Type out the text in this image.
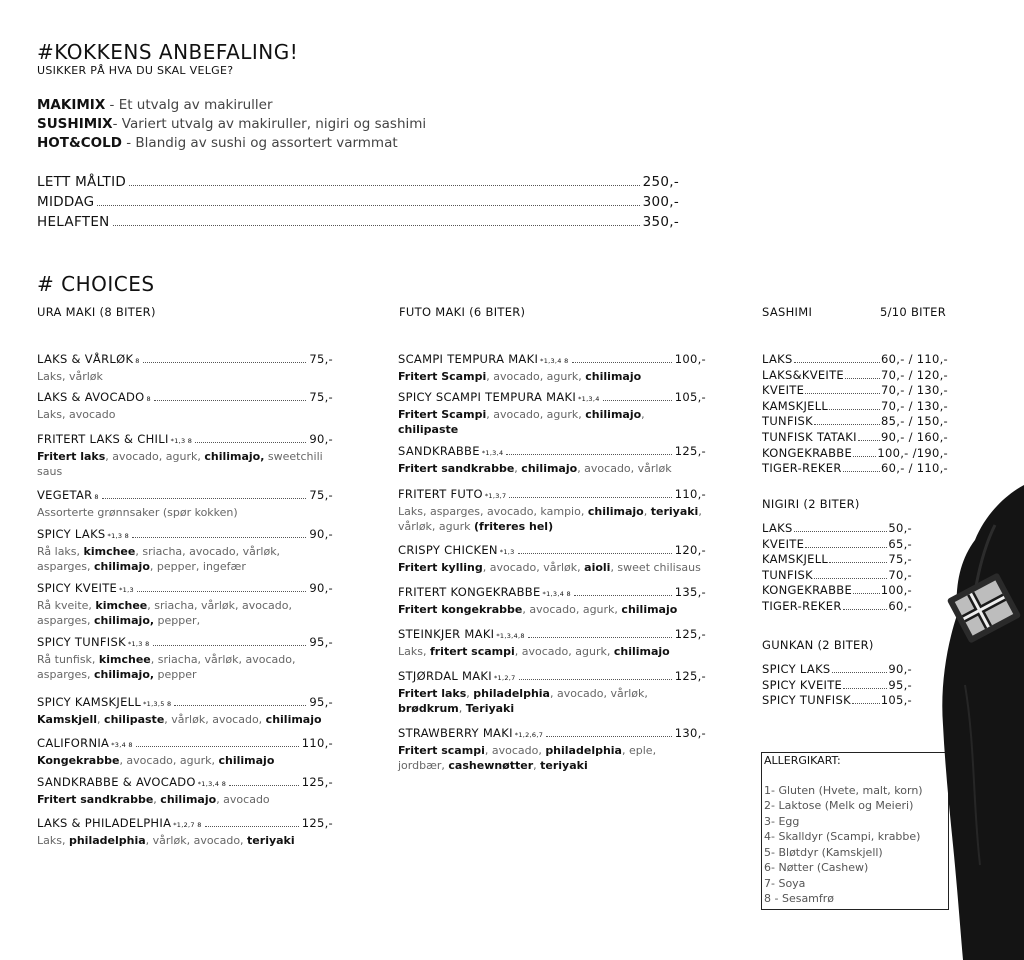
#KOKKENS ANBEFALING!
USIKKER PÅ HVA DU SKAL VELGE?
MAKIMIX - Et utvalg av makiruller
SUSHIMIX- Variert utvalg av makiruller, nigiri og sashimi
HOT&COLD - Blandig av sushi og assortert varmmat
LETT MÅLTID	250,-
MIDDAG	300,-
HELAFTEN	350,-
# CHOICES
URA MAKI (8 BITER)
LAKS & VÅRLØK 8	75,-
Laks, vårløk
LAKS & AVOCADO 8	75,-
Laks, avocado
FRITERT LAKS & CHILI *1,3 8	90,-
Fritert laks, avocado, agurk, chilimajo, sweetchili saus
VEGETAR 8	75,-
Assorterte grønnsaker (spør kokken)
SPICY LAKS *1,3 8	90,-
Rå laks, kimchee, sriacha, avocado, vårløk, asparges, chilimajo, pepper, ingefær
SPICY KVEITE *1,3	90,-
Rå kveite, kimchee, sriacha, vårløk, avocado, asparges, chilimajo, pepper,
SPICY TUNFISK *1,3 8	95,-
Rå tunfisk, kimchee, sriacha, vårløk, avocado, asparges, chilimajo, pepper
SPICY KAMSKJELL *1,3,5 8	95,-
Kamskjell, chilipaste, vårløk, avocado, chilimajo
CALIFORNIA *3,4 8	110,-
Kongekrabbe, avocado, agurk, chilimajo
SANDKRABBE & AVOCADO *1,3,4 8	125,-
Fritert sandkrabbe, chilimajo, avocado
LAKS & PHILADELPHIA *1,2,7 8	125,-
Laks, philadelphia, vårløk, avocado, teriyaki
FUTO MAKI (6 BITER)
SCAMPI TEMPURA MAKI *1,3,4 8	100,-
Fritert Scampi, avocado, agurk, chilimajo
SPICY SCAMPI TEMPURA MAKI *1,3,4	105,-
Fritert Scampi, avocado, agurk, chilimajo, chilipaste
SANDKRABBE *1,3,4	125,-
Fritert sandkrabbe, chilimajo, avocado, vårløk
FRITERT FUTO *1,3,7	110,-
Laks, asparges, avocado, kampio, chilimajo, teriyaki, vårløk, agurk (friteres hel)
CRISPY CHICKEN *1,3	120,-
Fritert kylling, avocado, vårløk, aioli, sweet chilisaus
FRITERT KONGEKRABBE *1,3,4 8	135,-
Fritert kongekrabbe, avocado, agurk, chilimajo
STEINKJER MAKI *1,3,4,8	125,-
Laks, fritert scampi, avocado, agurk, chilimajo
STJØRDAL MAKI *1,2,7	125,-
Fritert laks, philadelphia, avocado, vårløk, brødkrum, Teriyaki
STRAWBERRY MAKI *1,2,6,7	130,-
Fritert scampi, avocado, philadelphia, eple, jordbær, cashewnøtter, teriyaki
SASHIMI	5/10 BITER
LAKS	60,- / 110,-
LAKS&KVEITE	70,- / 120,-
KVEITE	70,- / 130,-
KAMSKJELL	70,- / 130,-
TUNFISK	85,- / 150,-
TUNFISK TATAKI 90,- / 160,-
KONGEKRABBE 100,- /190,-
TIGER-REKER	60,- / 110,-
NIGIRI (2 BITER)
LAKS	50,-
KVEITE	65,-
KAMSKJELL	75,-
TUNFISK	70,-
KONGEKRABBE 100,-
TIGER-REKER	60,-
GUNKAN (2 BITER)
SPICY LAKS	90,-
SPICY KVEITE	95,-
SPICY TUNFISK	105,-
ALLERGIKART:
1- Gluten (Hvete, malt, korn)
2- Laktose (Melk og Meieri)
3- Egg
4- Skalldyr (Scampi, krabbe)
5- Bløtdyr (Kamskjell)
6- Nøtter (Cashew)
7- Soya
8 - Sesamfrø
